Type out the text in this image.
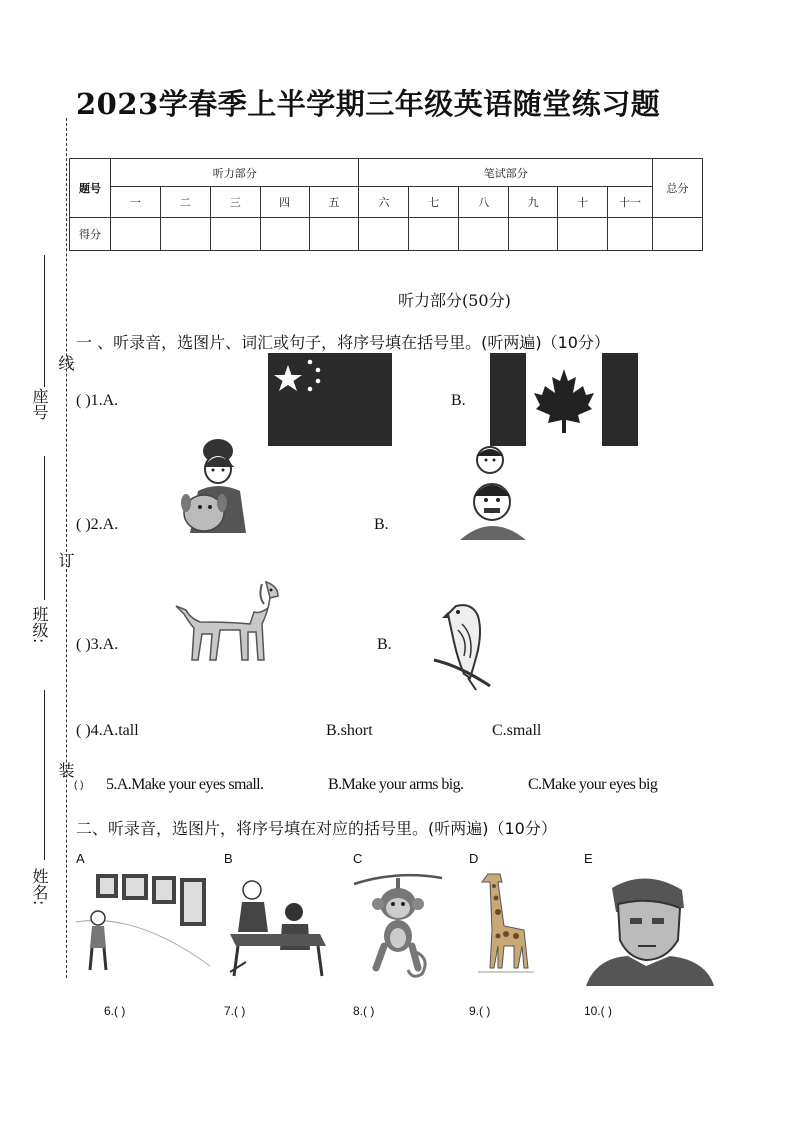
2023学春季上半学期三年级英语随堂练习题
线
订
装
座号
班级:
姓名:
题号	听力部分					笔试部分						总分
	一	二	三	四	五	六	七	八	九	十	十一	
得分												
听力部分(50分)
一 、听录音，选图片、词汇或句子，将序号填在括号里。(听两遍)（10分）
( )1.A.	B.
( )2.A.	B.
( )3.A.	B.
( )4.A.tall	B.short	C.small
( ) 5.A.Make your eyes small.	B.Make your arms big.	C.Make your eyes big
二、听录音，选图片，将序号填在对应的括号里。(听两遍)（10分）
A	B	C	D	E
6.( )	7.( )	8.( )	9.( )	10.( )
